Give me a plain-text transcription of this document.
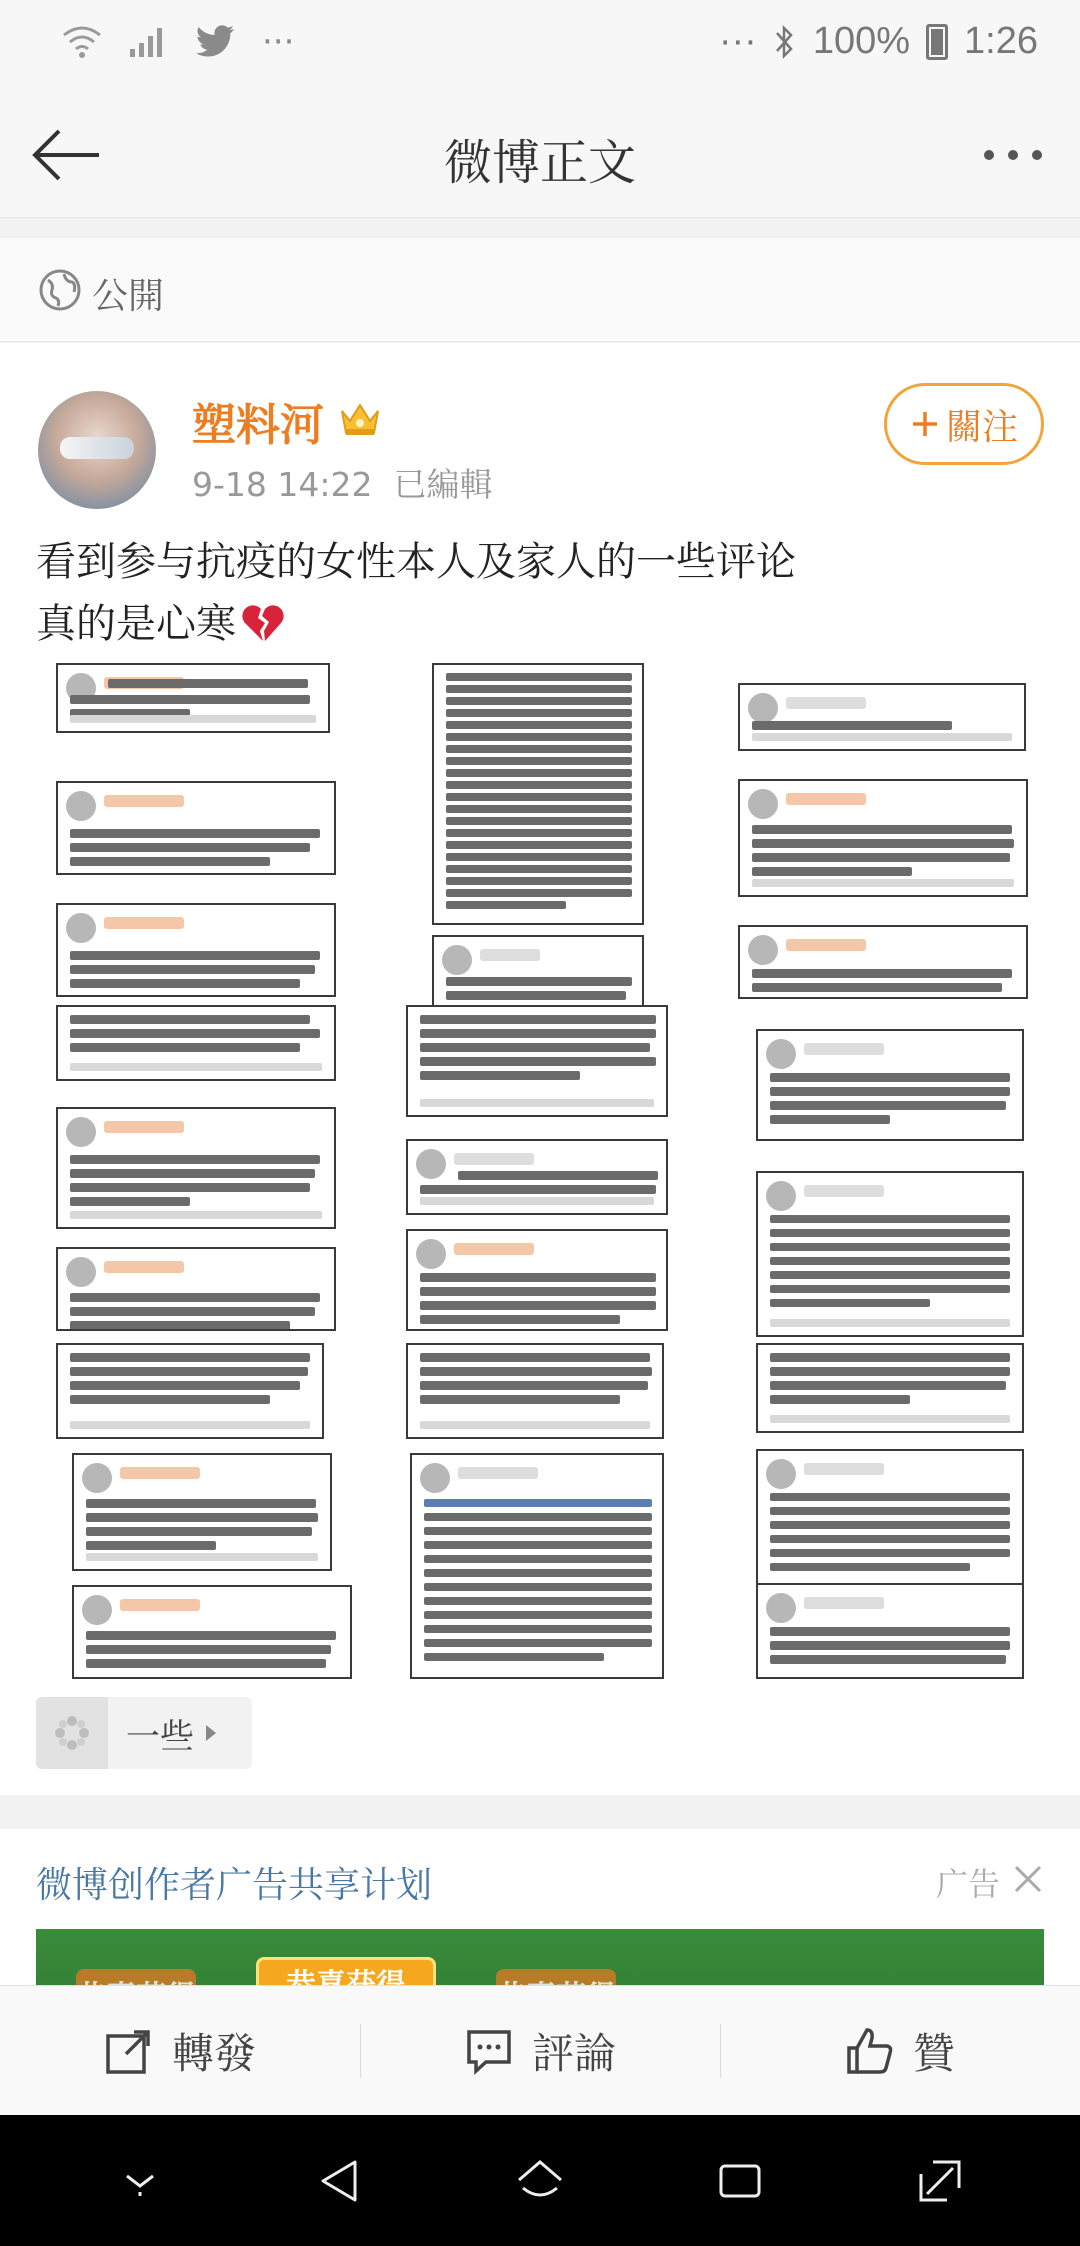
···	··· 100% 1:26
微博正文
公開
塑料河
9-18 14:22 已編輯
關注

看到参与抗疫的女性本人及家人的一些评论

真的是心寒

一些
微博创作者广告共享计划	广告
轉發	評論	贊
